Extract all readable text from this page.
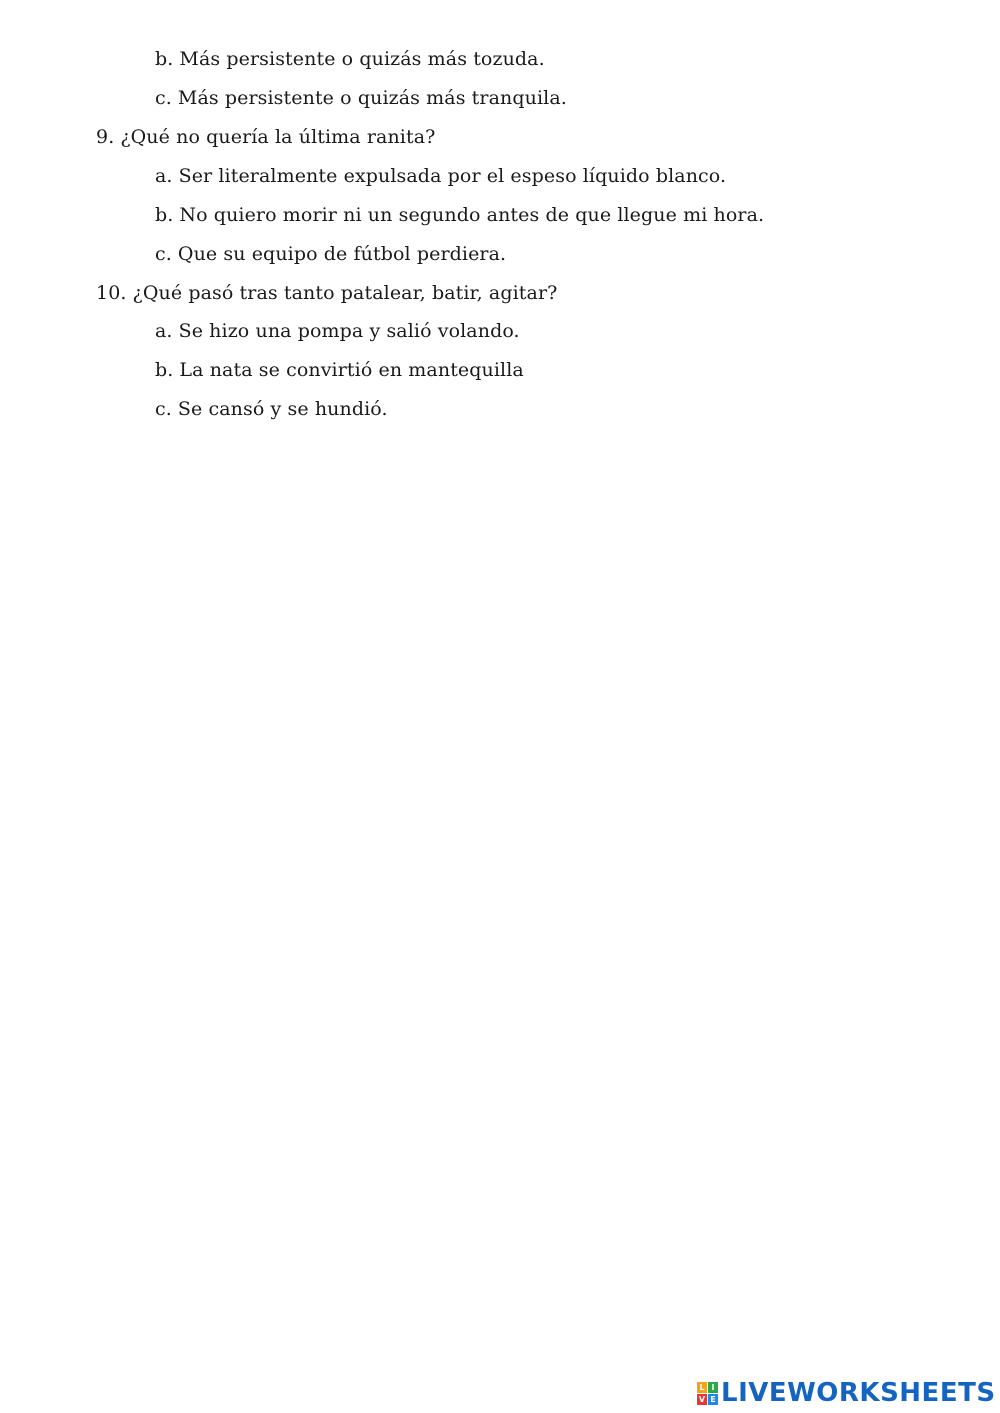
b. Más persistente o quizás más tozuda.
c. Más persistente o quizás más tranquila.
9. ¿Qué no quería la última ranita?
a. Ser literalmente expulsada por el espeso líquido blanco.
b. No quiero morir ni un segundo antes de que llegue mi hora.
c. Que su equipo de fútbol perdiera.
10. ¿Qué pasó tras tanto patalear, batir, agitar?
a. Se hizo una pompa y salió volando.
b. La nata se convirtió en mantequilla
c. Se cansó y se hundió.
L I
V E LIVEWORKSHEETS
